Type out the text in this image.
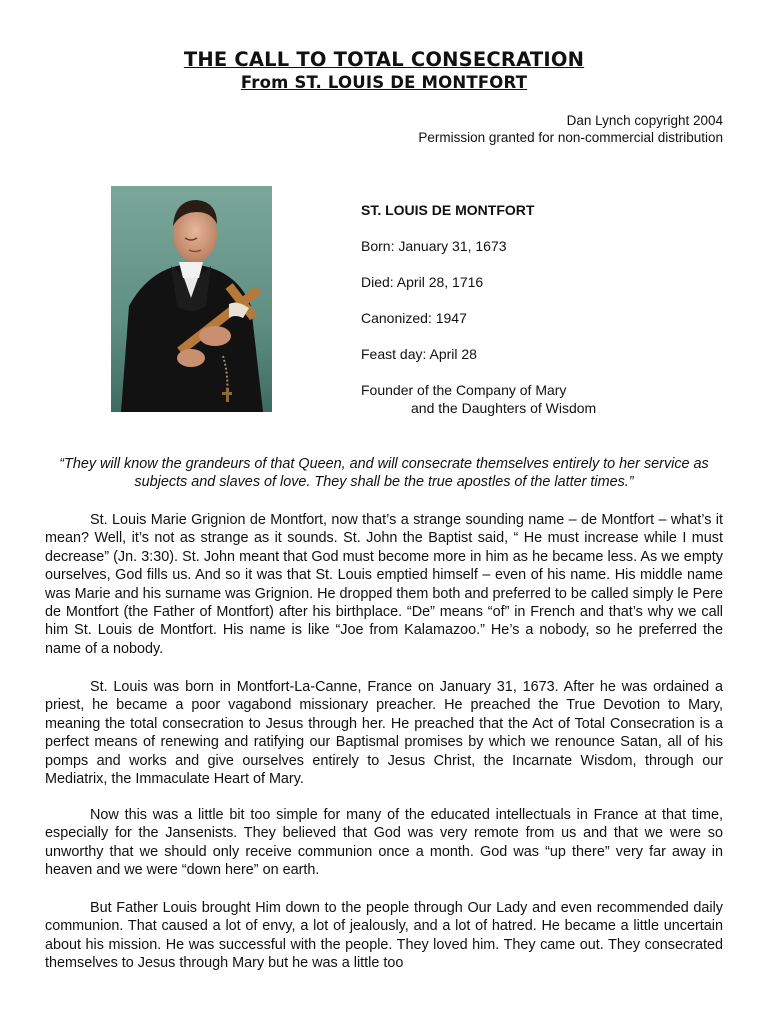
THE CALL TO TOTAL CONSECRATION
From ST. LOUIS DE MONTFORT
Dan Lynch copyright 2004
Permission granted for non-commercial distribution
ST. LOUIS DE MONTFORT
Born: January 31, 1673
Died: April 28, 1716
Canonized: 1947
Feast day: April 28
Founder of the Company of Mary
and the Daughters of Wisdom
“They will know the grandeurs of that Queen, and will consecrate themselves entirely to her service as subjects and slaves of love. They shall be the true apostles of the latter times.”

St. Louis Marie Grignion de Montfort, now that’s a strange sounding name – de Montfort – what’s it mean? Well, it’s not as strange as it sounds. St. John the Baptist said, “ He must increase while I must decrease” (Jn. 3:30). St. John meant that God must become more in him as he became less. As we empty ourselves, God fills us. And so it was that St. Louis emptied himself – even of his name. His middle name was Marie and his surname was Grignion. He dropped them both and preferred to be called simply le Pere de Montfort (the Father of Montfort) after his birthplace. “De” means “of” in French and that’s why we call him St. Louis de Montfort. His name is like “Joe from Kalamazoo.” He’s a nobody, so he preferred the name of a nobody.

St. Louis was born in Montfort-La-Canne, France on January 31, 1673. After he was ordained a priest, he became a poor vagabond missionary preacher. He preached the True Devotion to Mary, meaning the total consecration to Jesus through her. He preached that the Act of Total Consecration is a perfect means of renewing and ratifying our Baptismal promises by which we renounce Satan, all of his pomps and works and give ourselves entirely to Jesus Christ, the Incarnate Wisdom, through our Mediatrix, the Immaculate Heart of Mary.

Now this was a little bit too simple for many of the educated intellectuals in France at that time, especially for the Jansenists. They believed that God was very remote from us and that we were so unworthy that we should only receive communion once a month. God was “up there” very far away in heaven and we were “down here” on earth.

But Father Louis brought Him down to the people through Our Lady and even recommended daily communion. That caused a lot of envy, a lot of jealously, and a lot of hatred. He became a little uncertain about his mission. He was successful with the people. They loved him. They came out. They consecrated themselves to Jesus through Mary but he was a little too
